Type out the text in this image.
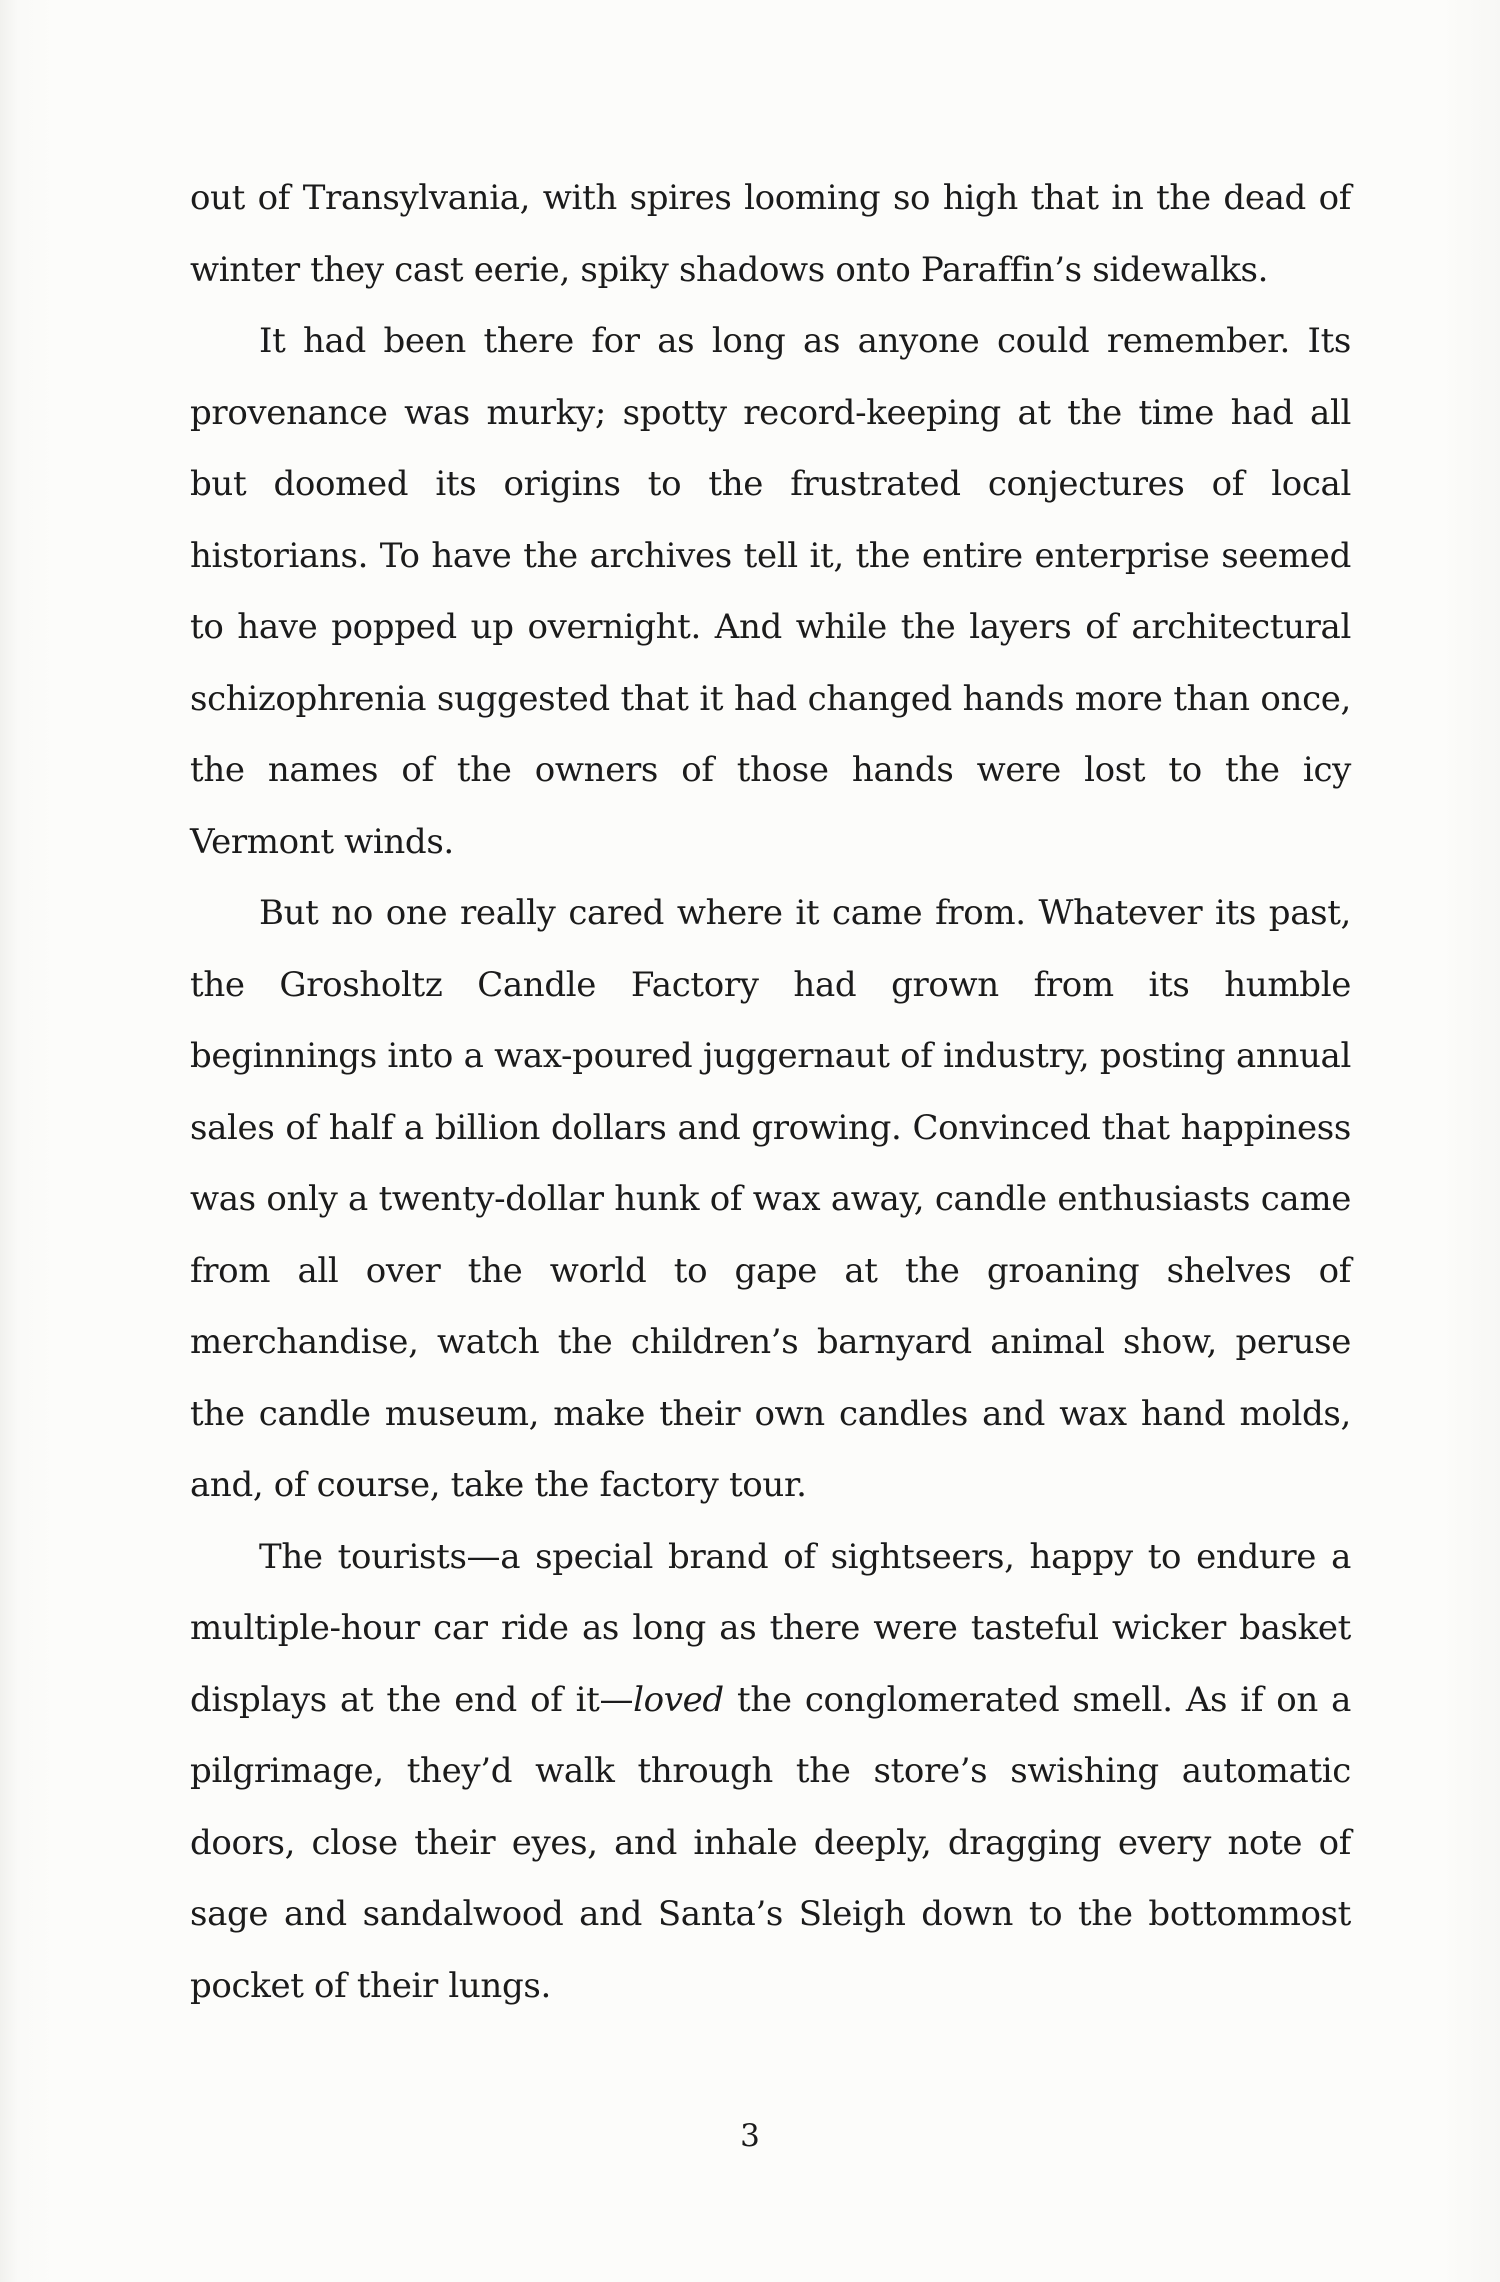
out of Transylvania, with spires looming so high that in the dead of winter they cast eerie, spiky shadows onto Paraffin’s sidewalks.

It had been there for as long as anyone could remember. Its provenance was murky; spotty record-keeping at the time had all but doomed its origins to the frustrated conjectures of local historians. To have the archives tell it, the entire enterprise seemed to have popped up overnight. And while the layers of architectural schizophrenia suggested that it had changed hands more than once, the names of the owners of those hands were lost to the icy Vermont winds.

But no one really cared where it came from. Whatever its past, the Grosholtz Candle Factory had grown from its humble beginnings into a wax-poured juggernaut of industry, posting annual sales of half a billion dollars and growing. Convinced that happiness was only a twenty-dollar hunk of wax away, candle enthusiasts came from all over the world to gape at the groaning shelves of merchandise, watch the children’s barnyard animal show, peruse the candle museum, make their own candles and wax hand molds, and, of course, take the factory tour.

The tourists—a special brand of sightseers, happy to endure a multiple-hour car ride as long as there were tasteful wicker basket displays at the end of it—loved the conglomerated smell. As if on a pilgrimage, they’d walk through the store’s swishing automatic doors, close their eyes, and inhale deeply, dragging every note of sage and sandalwood and Santa’s Sleigh down to the bottommost pocket of their lungs.

3
